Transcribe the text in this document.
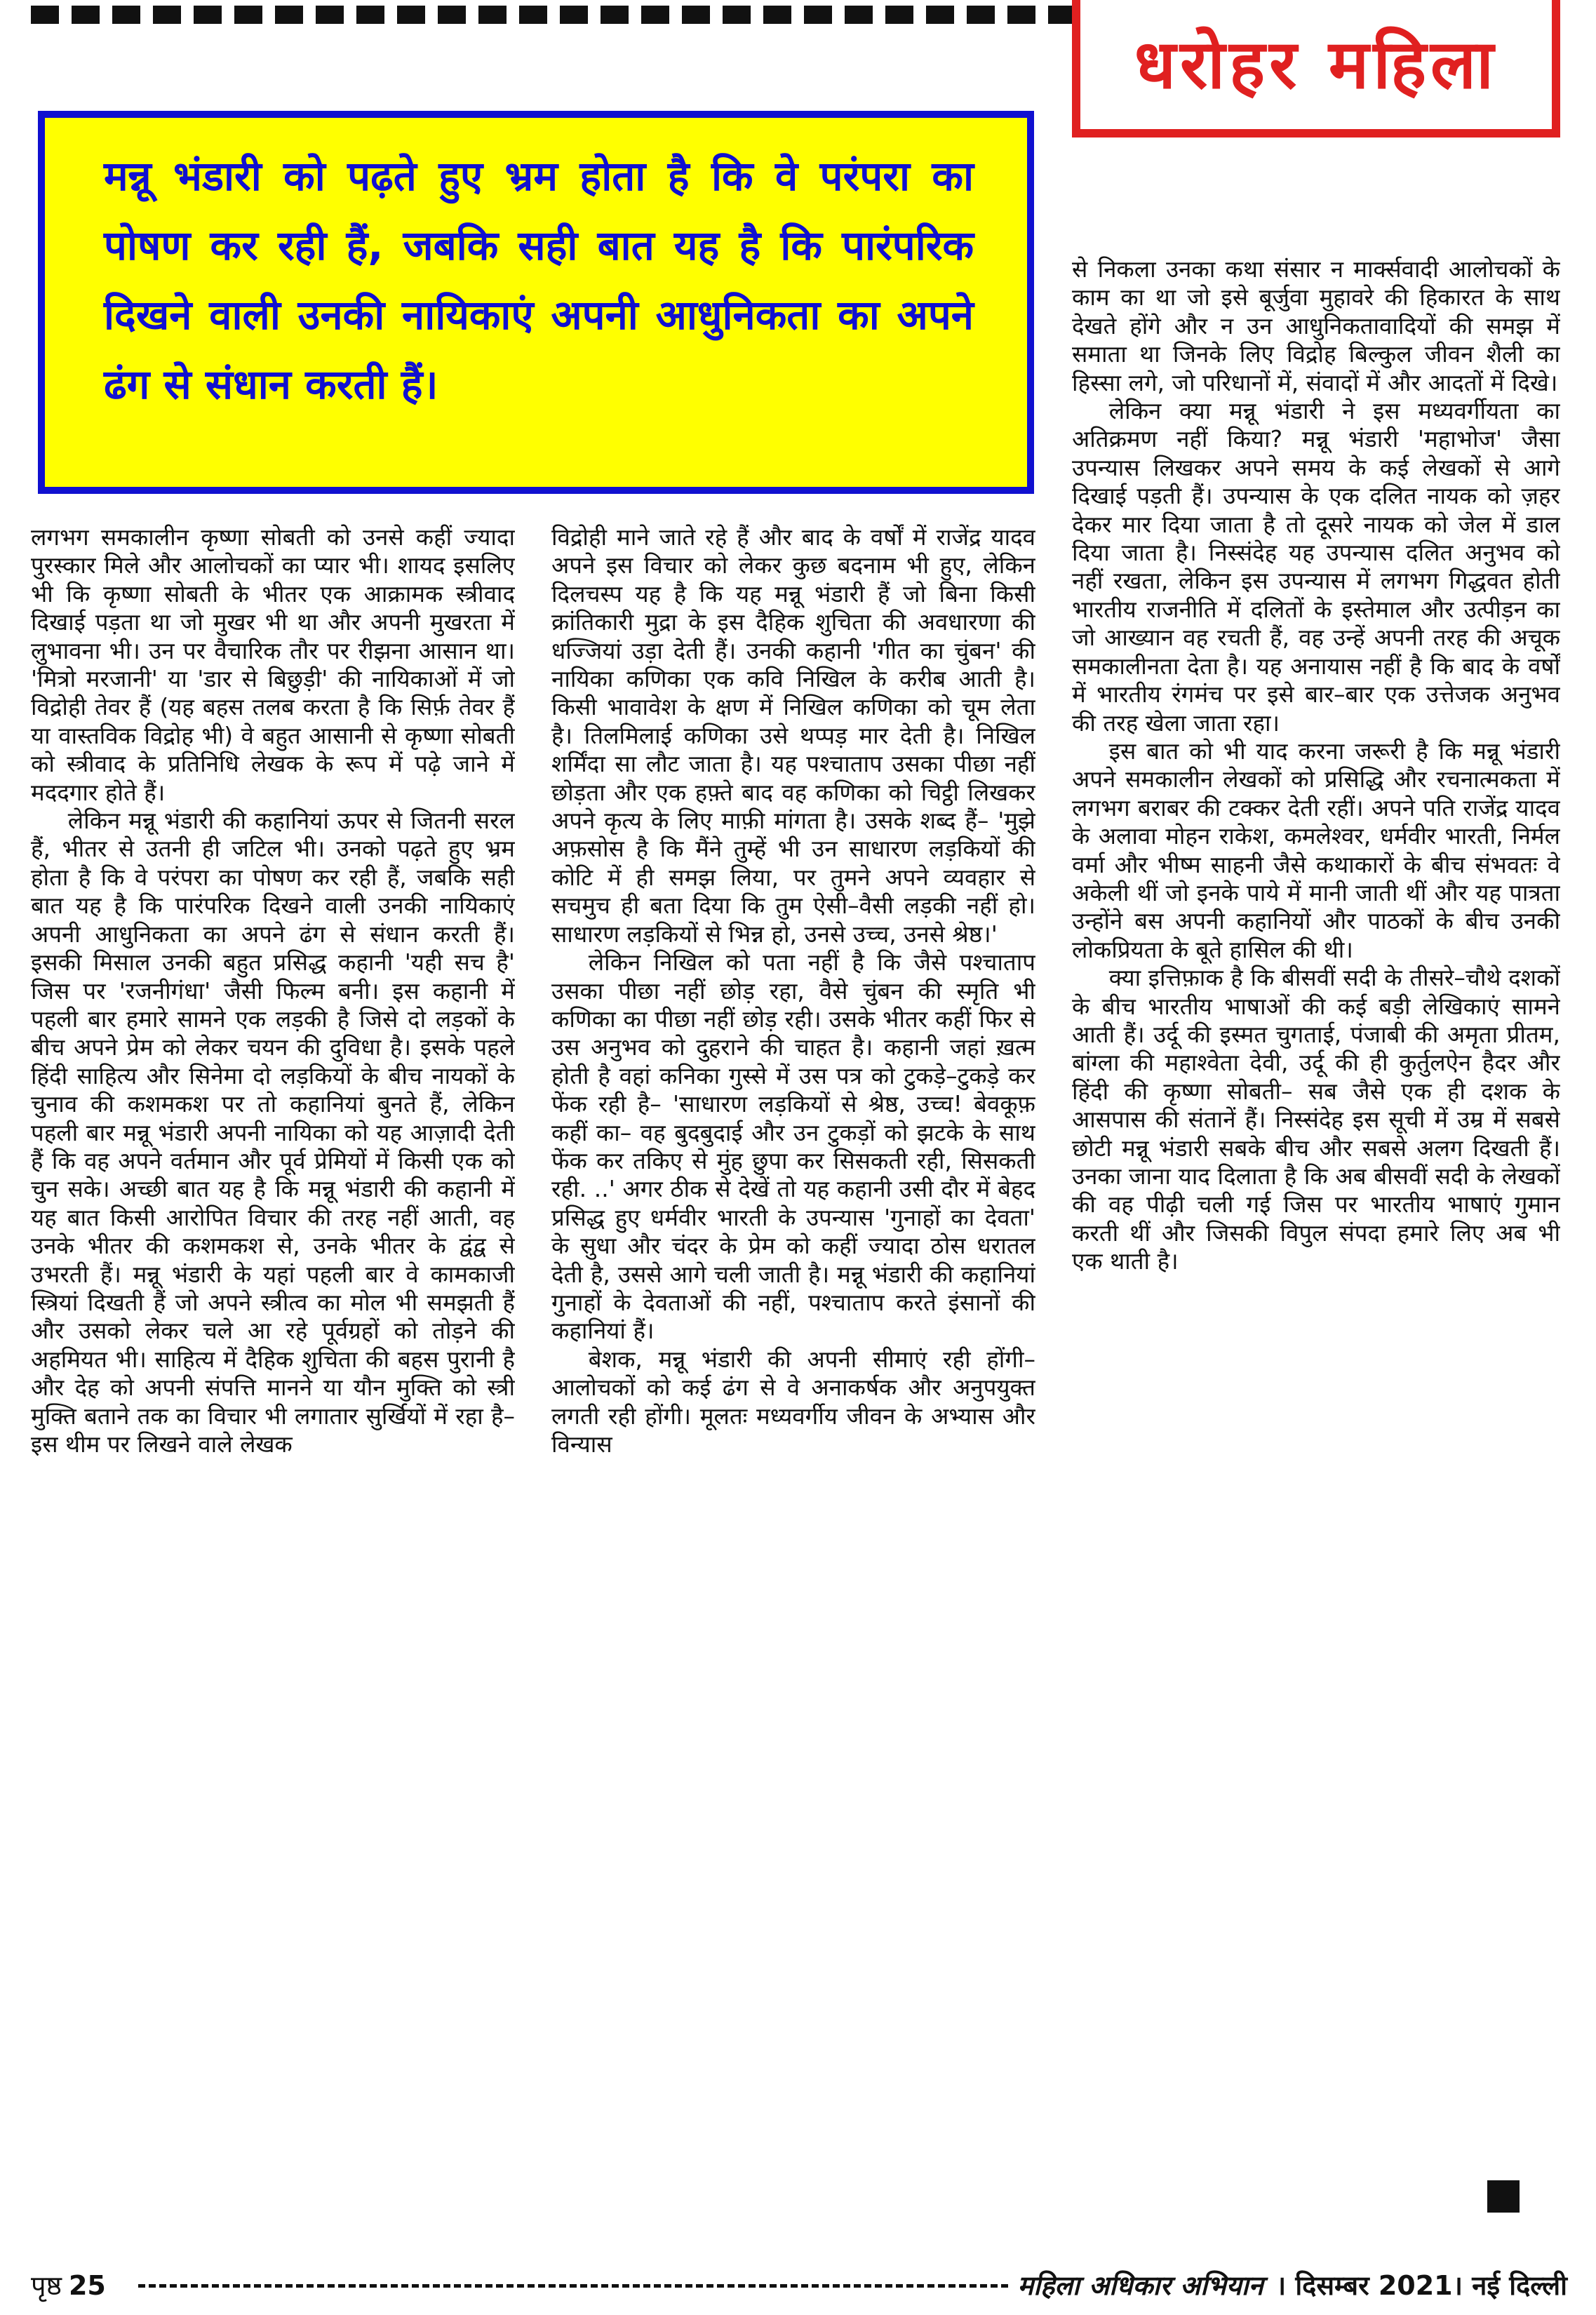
धरोहर महिला

मन्नू भंडारी को पढ़ते हुए भ्रम होता है कि वे परंपरा का पोषण कर रही हैं, जबकि सही बात यह है कि पारंपरिक दिखने वाली उनकी नायिकाएं अपनी आधुनिकता का अपने ढंग से संधान करती हैं।

लगभग समकालीन कृष्णा सोबती को उनसे कहीं ज्यादा पुरस्कार मिले और आलोचकों का प्यार भी। शायद इसलिए भी कि कृष्णा सोबती के भीतर एक आक्रामक स्त्रीवाद दिखाई पड़ता था जो मुखर भी था और अपनी मुखरता में लुभावना भी। उन पर वैचारिक तौर पर रीझना आसान था। 'मित्रो मरजानी' या 'डार से बिछुड़ी' की नायिकाओं में जो विद्रोही तेवर हैं (यह बहस तलब करता है कि सिर्फ़ तेवर हैं या वास्तविक विद्रोह भी) वे बहुत आसानी से कृष्णा सोबती को स्त्रीवाद के प्रतिनिधि लेखक के रूप में पढ़े जाने में मददगार होते हैं।

लेकिन मन्नू भंडारी की कहानियां ऊपर से जितनी सरल हैं, भीतर से उतनी ही जटिल भी। उनको पढ़ते हुए भ्रम होता है कि वे परंपरा का पोषण कर रही हैं, जबकि सही बात यह है कि पारंपरिक दिखने वाली उनकी नायिकाएं अपनी आधुनिकता का अपने ढंग से संधान करती हैं। इसकी मिसाल उनकी बहुत प्रसिद्ध कहानी 'यही सच है' जिस पर 'रजनीगंधा' जैसी फिल्म बनी। इस कहानी में पहली बार हमारे सामने एक लड़की है जिसे दो लड़कों के बीच अपने प्रेम को लेकर चयन की दुविधा है। इसके पहले हिंदी साहित्य और सिनेमा दो लड़कियों के बीच नायकों के चुनाव की कशमकश पर तो कहानियां बुनते हैं, लेकिन पहली बार मन्नू भंडारी अपनी नायिका को यह आज़ादी देती हैं कि वह अपने वर्तमान और पूर्व प्रेमियों में किसी एक को चुन सके। अच्छी बात यह है कि मन्नू भंडारी की कहानी में यह बात किसी आरोपित विचार की तरह नहीं आती, वह उनके भीतर की कशमकश से, उनके भीतर के द्वंद्व से उभरती हैं। मन्नू भंडारी के यहां पहली बार वे कामकाजी स्त्रियां दिखती हैं जो अपने स्त्रीत्व का मोल भी समझती हैं और उसको लेकर चले आ रहे पूर्वग्रहों को तोड़ने की अहमियत भी। साहित्य में दैहिक शुचिता की बहस पुरानी है और देह को अपनी संपत्ति मानने या यौन मुक्ति को स्त्री मुक्ति बताने तक का विचार भी लगातार सुर्खियों में रहा है– इस थीम पर लिखने वाले लेखक

विद्रोही माने जाते रहे हैं और बाद के वर्षों में राजेंद्र यादव अपने इस विचार को लेकर कुछ बदनाम भी हुए, लेकिन दिलचस्प यह है कि यह मन्नू भंडारी हैं जो बिना किसी क्रांतिकारी मुद्रा के इस दैहिक शुचिता की अवधारणा की धज्जियां उड़ा देती हैं। उनकी कहानी 'गीत का चुंबन' की नायिका कणिका एक कवि निखिल के करीब आती है। किसी भावावेश के क्षण में निखिल कणिका को चूम लेता है। तिलमिलाई कणिका उसे थप्पड़ मार देती है। निखिल शर्मिंदा सा लौट जाता है। यह पश्चाताप उसका पीछा नहीं छोड़ता और एक हफ़्ते बाद वह कणिका को चिट्ठी लिखकर अपने कृत्य के लिए माफ़ी मांगता है। उसके शब्द हैं– 'मुझे अफ़सोस है कि मैंने तुम्हें भी उन साधारण लड़कियों की कोटि में ही समझ लिया, पर तुमने अपने व्यवहार से सचमुच ही बता दिया कि तुम ऐसी–वैसी लड़की नहीं हो। साधारण लड़कियों से भिन्न हो, उनसे उच्च, उनसे श्रेष्ठ।'

लेकिन निखिल को पता नहीं है कि जैसे पश्चाताप उसका पीछा नहीं छोड़ रहा, वैसे चुंबन की स्मृति भी कणिका का पीछा नहीं छोड़ रही। उसके भीतर कहीं फिर से उस अनुभव को दुहराने की चाहत है। कहानी जहां ख़त्म होती है वहां कनिका गुस्से में उस पत्र को टुकड़े–टुकड़े कर फेंक रही है– 'साधारण लड़कियों से श्रेष्ठ, उच्च! बेवकूफ़ कहीं का– वह बुदबुदाई और उन टुकड़ों को झटके के साथ फेंक कर तकिए से मुंह छुपा कर सिसकती रही, सिसकती रही. ..' अगर ठीक से देखें तो यह कहानी उसी दौर में बेहद प्रसिद्ध हुए धर्मवीर भारती के उपन्यास 'गुनाहों का देवता' के सुधा और चंदर के प्रेम को कहीं ज्यादा ठोस धरातल देती है, उससे आगे चली जाती है। मन्नू भंडारी की कहानियां गुनाहों के देवताओं की नहीं, पश्चाताप करते इंसानों की कहानियां हैं।

बेशक, मन्नू भंडारी की अपनी सीमाएं रही होंगी– आलोचकों को कई ढंग से वे अनाकर्षक और अनुपयुक्त लगती रही होंगी। मूलतः मध्यवर्गीय जीवन के अभ्यास और विन्यास

से निकला उनका कथा संसार न मार्क्सवादी आलोचकों के काम का था जो इसे बूर्जुवा मुहावरे की हिकारत के साथ देखते होंगे और न उन आधुनिकतावादियों की समझ में समाता था जिनके लिए विद्रोह बिल्कुल जीवन शैली का हिस्सा लगे, जो परिधानों में, संवादों में और आदतों में दिखे।

लेकिन क्या मन्नू भंडारी ने इस मध्यवर्गीयता का अतिक्रमण नहीं किया? मन्नू भंडारी 'महाभोज' जैसा उपन्यास लिखकर अपने समय के कई लेखकों से आगे दिखाई पड़ती हैं। उपन्यास के एक दलित नायक को ज़हर देकर मार दिया जाता है तो दूसरे नायक को जेल में डाल दिया जाता है। निस्संदेह यह उपन्यास दलित अनुभव को नहीं रखता, लेकिन इस उपन्यास में लगभग गिद्धवत होती भारतीय राजनीति में दलितों के इस्तेमाल और उत्पीड़न का जो आख्यान वह रचती हैं, वह उन्हें अपनी तरह की अचूक समकालीनता देता है। यह अनायास नहीं है कि बाद के वर्षों में भारतीय रंगमंच पर इसे बार–बार एक उत्तेजक अनुभव की तरह खेला जाता रहा।

इस बात को भी याद करना जरूरी है कि मन्नू भंडारी अपने समकालीन लेखकों को प्रसिद्धि और रचनात्मकता में लगभग बराबर की टक्कर देती रहीं। अपने पति राजेंद्र यादव के अलावा मोहन राकेश, कमलेश्वर, धर्मवीर भारती, निर्मल वर्मा और भीष्म साहनी जैसे कथाकारों के बीच संभवतः वे अकेली थीं जो इनके पाये में मानी जाती थीं और यह पात्रता उन्होंने बस अपनी कहानियों और पाठकों के बीच उनकी लोकप्रियता के बूते हासिल की थी।

क्या इत्तिफ़ाक है कि बीसवीं सदी के तीसरे–चौथे दशकों के बीच भारतीय भाषाओं की कई बड़ी लेखिकाएं सामने आती हैं। उर्दू की इस्मत चुगताई, पंजाबी की अमृता प्रीतम, बांग्ला की महाश्वेता देवी, उर्दू की ही कुर्तुलऐन हैदर और हिंदी की कृष्णा सोबती– सब जैसे एक ही दशक के आसपास की संतानें हैं। निस्संदेह इस सूची में उम्र में सबसे छोटी मन्नू भंडारी सबके बीच और सबसे अलग दिखती हैं। उनका जाना याद दिलाता है कि अब बीसवीं सदी के लेखकों की वह पीढ़ी चली गई जिस पर भारतीय भाषाएं गुमान करती थीं और जिसकी विपुल संपदा हमारे लिए अब भी एक थाती है।

पृष्ठ 25	महिला अधिकार अभियान । दिसम्बर 2021। नई दिल्ली
